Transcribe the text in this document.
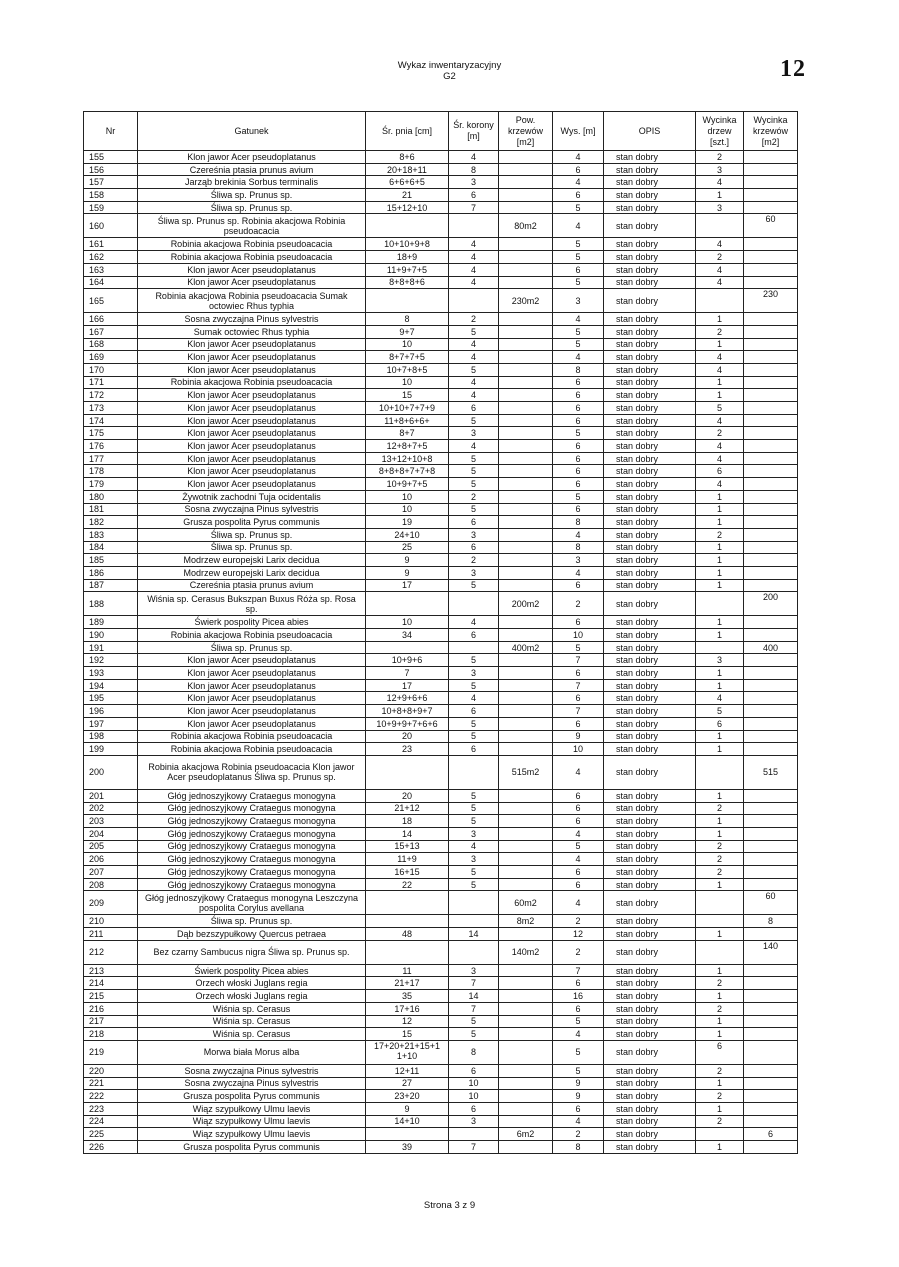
Wykaz inwentaryzacyjny
G2	12
Nr	Gatunek	Śr. pnia [cm]	Śr. korony [m]	Pow. krzewów [m2]	Wys. [m]	OPIS	Wycinka drzew [szt.]	Wycinka krzewów [m2]
155	Klon jawor Acer pseudoplatanus	8+6	4		4	stan dobry	2	
156	Czereśnia ptasia prunus avium	20+18+11	8		6	stan dobry	3	
157	Jarząb brekinia Sorbus terminalis	6+6+6+5	3		4	stan dobry	4	
158	Śliwa sp. Prunus sp.	21	6		6	stan dobry	1	
159	Śliwa sp. Prunus sp.	15+12+10	7		5	stan dobry	3	
160	Śliwa sp. Prunus sp. Robinia akacjowa Robinia pseudoacacia			80m2	4	stan dobry		60
161	Robinia akacjowa Robinia pseudoacacia	10+10+9+8	4		5	stan dobry	4	
162	Robinia akacjowa Robinia pseudoacacia	18+9	4		5	stan dobry	2	
163	Klon jawor Acer pseudoplatanus	11+9+7+5	4		6	stan dobry	4	
164	Klon jawor Acer pseudoplatanus	8+8+8+6	4		5	stan dobry	4	
165	Robinia akacjowa Robinia pseudoacacia Sumak octowiec Rhus typhia			230m2	3	stan dobry		230
166	Sosna zwyczajna Pinus sylvestris	8	2		4	stan dobry	1	
167	Sumak octowiec Rhus typhia	9+7	5		5	stan dobry	2	
168	Klon jawor Acer pseudoplatanus	10	4		5	stan dobry	1	
169	Klon jawor Acer pseudoplatanus	8+7+7+5	4		4	stan dobry	4	
170	Klon jawor Acer pseudoplatanus	10+7+8+5	5		8	stan dobry	4	
171	Robinia akacjowa Robinia pseudoacacia	10	4		6	stan dobry	1	
172	Klon jawor Acer pseudoplatanus	15	4		6	stan dobry	1	
173	Klon jawor Acer pseudoplatanus	10+10+7+7+9	6		6	stan dobry	5	
174	Klon jawor Acer pseudoplatanus	11+8+6+6+	5		6	stan dobry	4	
175	Klon jawor Acer pseudoplatanus	8+7	3		5	stan dobry	2	
176	Klon jawor Acer pseudoplatanus	12+8+7+5	4		6	stan dobry	4	
177	Klon jawor Acer pseudoplatanus	13+12+10+8	5		6	stan dobry	4	
178	Klon jawor Acer pseudoplatanus	8+8+8+7+7+8	5		6	stan dobry	6	
179	Klon jawor Acer pseudoplatanus	10+9+7+5	5		6	stan dobry	4	
180	Żywotnik zachodni Tuja ocidentalis	10	2		5	stan dobry	1	
181	Sosna zwyczajna Pinus sylvestris	10	5		6	stan dobry	1	
182	Grusza pospolita Pyrus communis	19	6		8	stan dobry	1	
183	Śliwa sp. Prunus sp.	24+10	3		4	stan dobry	2	
184	Śliwa sp. Prunus sp.	25	6		8	stan dobry	1	
185	Modrzew europejski Larix decidua	9	2		3	stan dobry	1	
186	Modrzew europejski Larix decidua	9	3		4	stan dobry	1	
187	Czereśnia ptasia prunus avium	17	5		6	stan dobry	1	
188	Wiśnia sp. Cerasus Bukszpan Buxus Róża sp. Rosa sp.			200m2	2	stan dobry		200
189	Świerk pospolity Picea abies	10	4		6	stan dobry	1	
190	Robinia akacjowa Robinia pseudoacacia	34	6		10	stan dobry	1	
191	Śliwa sp. Prunus sp.			400m2	5	stan dobry		400
192	Klon jawor Acer pseudoplatanus	10+9+6	5		7	stan dobry	3	
193	Klon jawor Acer pseudoplatanus	7	3		6	stan dobry	1	
194	Klon jawor Acer pseudoplatanus	17	5		7	stan dobry	1	
195	Klon jawor Acer pseudoplatanus	12+9+6+6	4		6	stan dobry	4	
196	Klon jawor Acer pseudoplatanus	10+8+8+9+7	6		7	stan dobry	5	
197	Klon jawor Acer pseudoplatanus	10+9+9+7+6+6	5		6	stan dobry	6	
198	Robinia akacjowa Robinia pseudoacacia	20	5		9	stan dobry	1	
199	Robinia akacjowa Robinia pseudoacacia	23	6		10	stan dobry	1	
200	Robinia akacjowa Robinia pseudoacacia Klon jawor Acer pseudoplatanus Śliwa sp. Prunus sp.			515m2	4	stan dobry		515
201	Głóg jednoszyjkowy Crataegus monogyna	20	5		6	stan dobry	1	
202	Głóg jednoszyjkowy Crataegus monogyna	21+12	5		6	stan dobry	2	
203	Głóg jednoszyjkowy Crataegus monogyna	18	5		6	stan dobry	1	
204	Głóg jednoszyjkowy Crataegus monogyna	14	3		4	stan dobry	1	
205	Głóg jednoszyjkowy Crataegus monogyna	15+13	4		5	stan dobry	2	
206	Głóg jednoszyjkowy Crataegus monogyna	11+9	3		4	stan dobry	2	
207	Głóg jednoszyjkowy Crataegus monogyna	16+15	5		6	stan dobry	2	
208	Głóg jednoszyjkowy Crataegus monogyna	22	5		6	stan dobry	1	
209	Głóg jednoszyjkowy Crataegus monogyna Leszczyna pospolita Corylus avellana			60m2	4	stan dobry		60
210	Śliwa sp. Prunus sp.			8m2	2	stan dobry		8
211	Dąb bezszypułkowy Quercus petraea	48	14		12	stan dobry	1	
212	Bez czarny Sambucus nigra Śliwa sp. Prunus sp.			140m2	2	stan dobry		140
213	Świerk pospolity Picea abies	11	3		7	stan dobry	1	
214	Orzech włoski Juglans regia	21+17	7		6	stan dobry	2	
215	Orzech włoski Juglans regia	35	14		16	stan dobry	1	
216	Wiśnia sp. Cerasus	17+16	7		6	stan dobry	2	
217	Wiśnia sp. Cerasus	12	5		5	stan dobry	1	
218	Wiśnia sp. Cerasus	15	5		4	stan dobry	1	
219	Morwa biała Morus alba	17+20+21+15+1 1+10	8		5	stan dobry	6	
220	Sosna zwyczajna Pinus sylvestris	12+11	6		5	stan dobry	2	
221	Sosna zwyczajna Pinus sylvestris	27	10		9	stan dobry	1	
222	Grusza pospolita Pyrus communis	23+20	10		9	stan dobry	2	
223	Wiąz szypułkowy Ulmu laevis	9	6		6	stan dobry	1	
224	Wiąz szypułkowy Ulmu laevis	14+10	3		4	stan dobry	2	
225	Wiąz szypułkowy Ulmu laevis			6m2	2	stan dobry		6
226	Grusza pospolita Pyrus communis	39	7		8	stan dobry	1	
Strona 3 z 9
